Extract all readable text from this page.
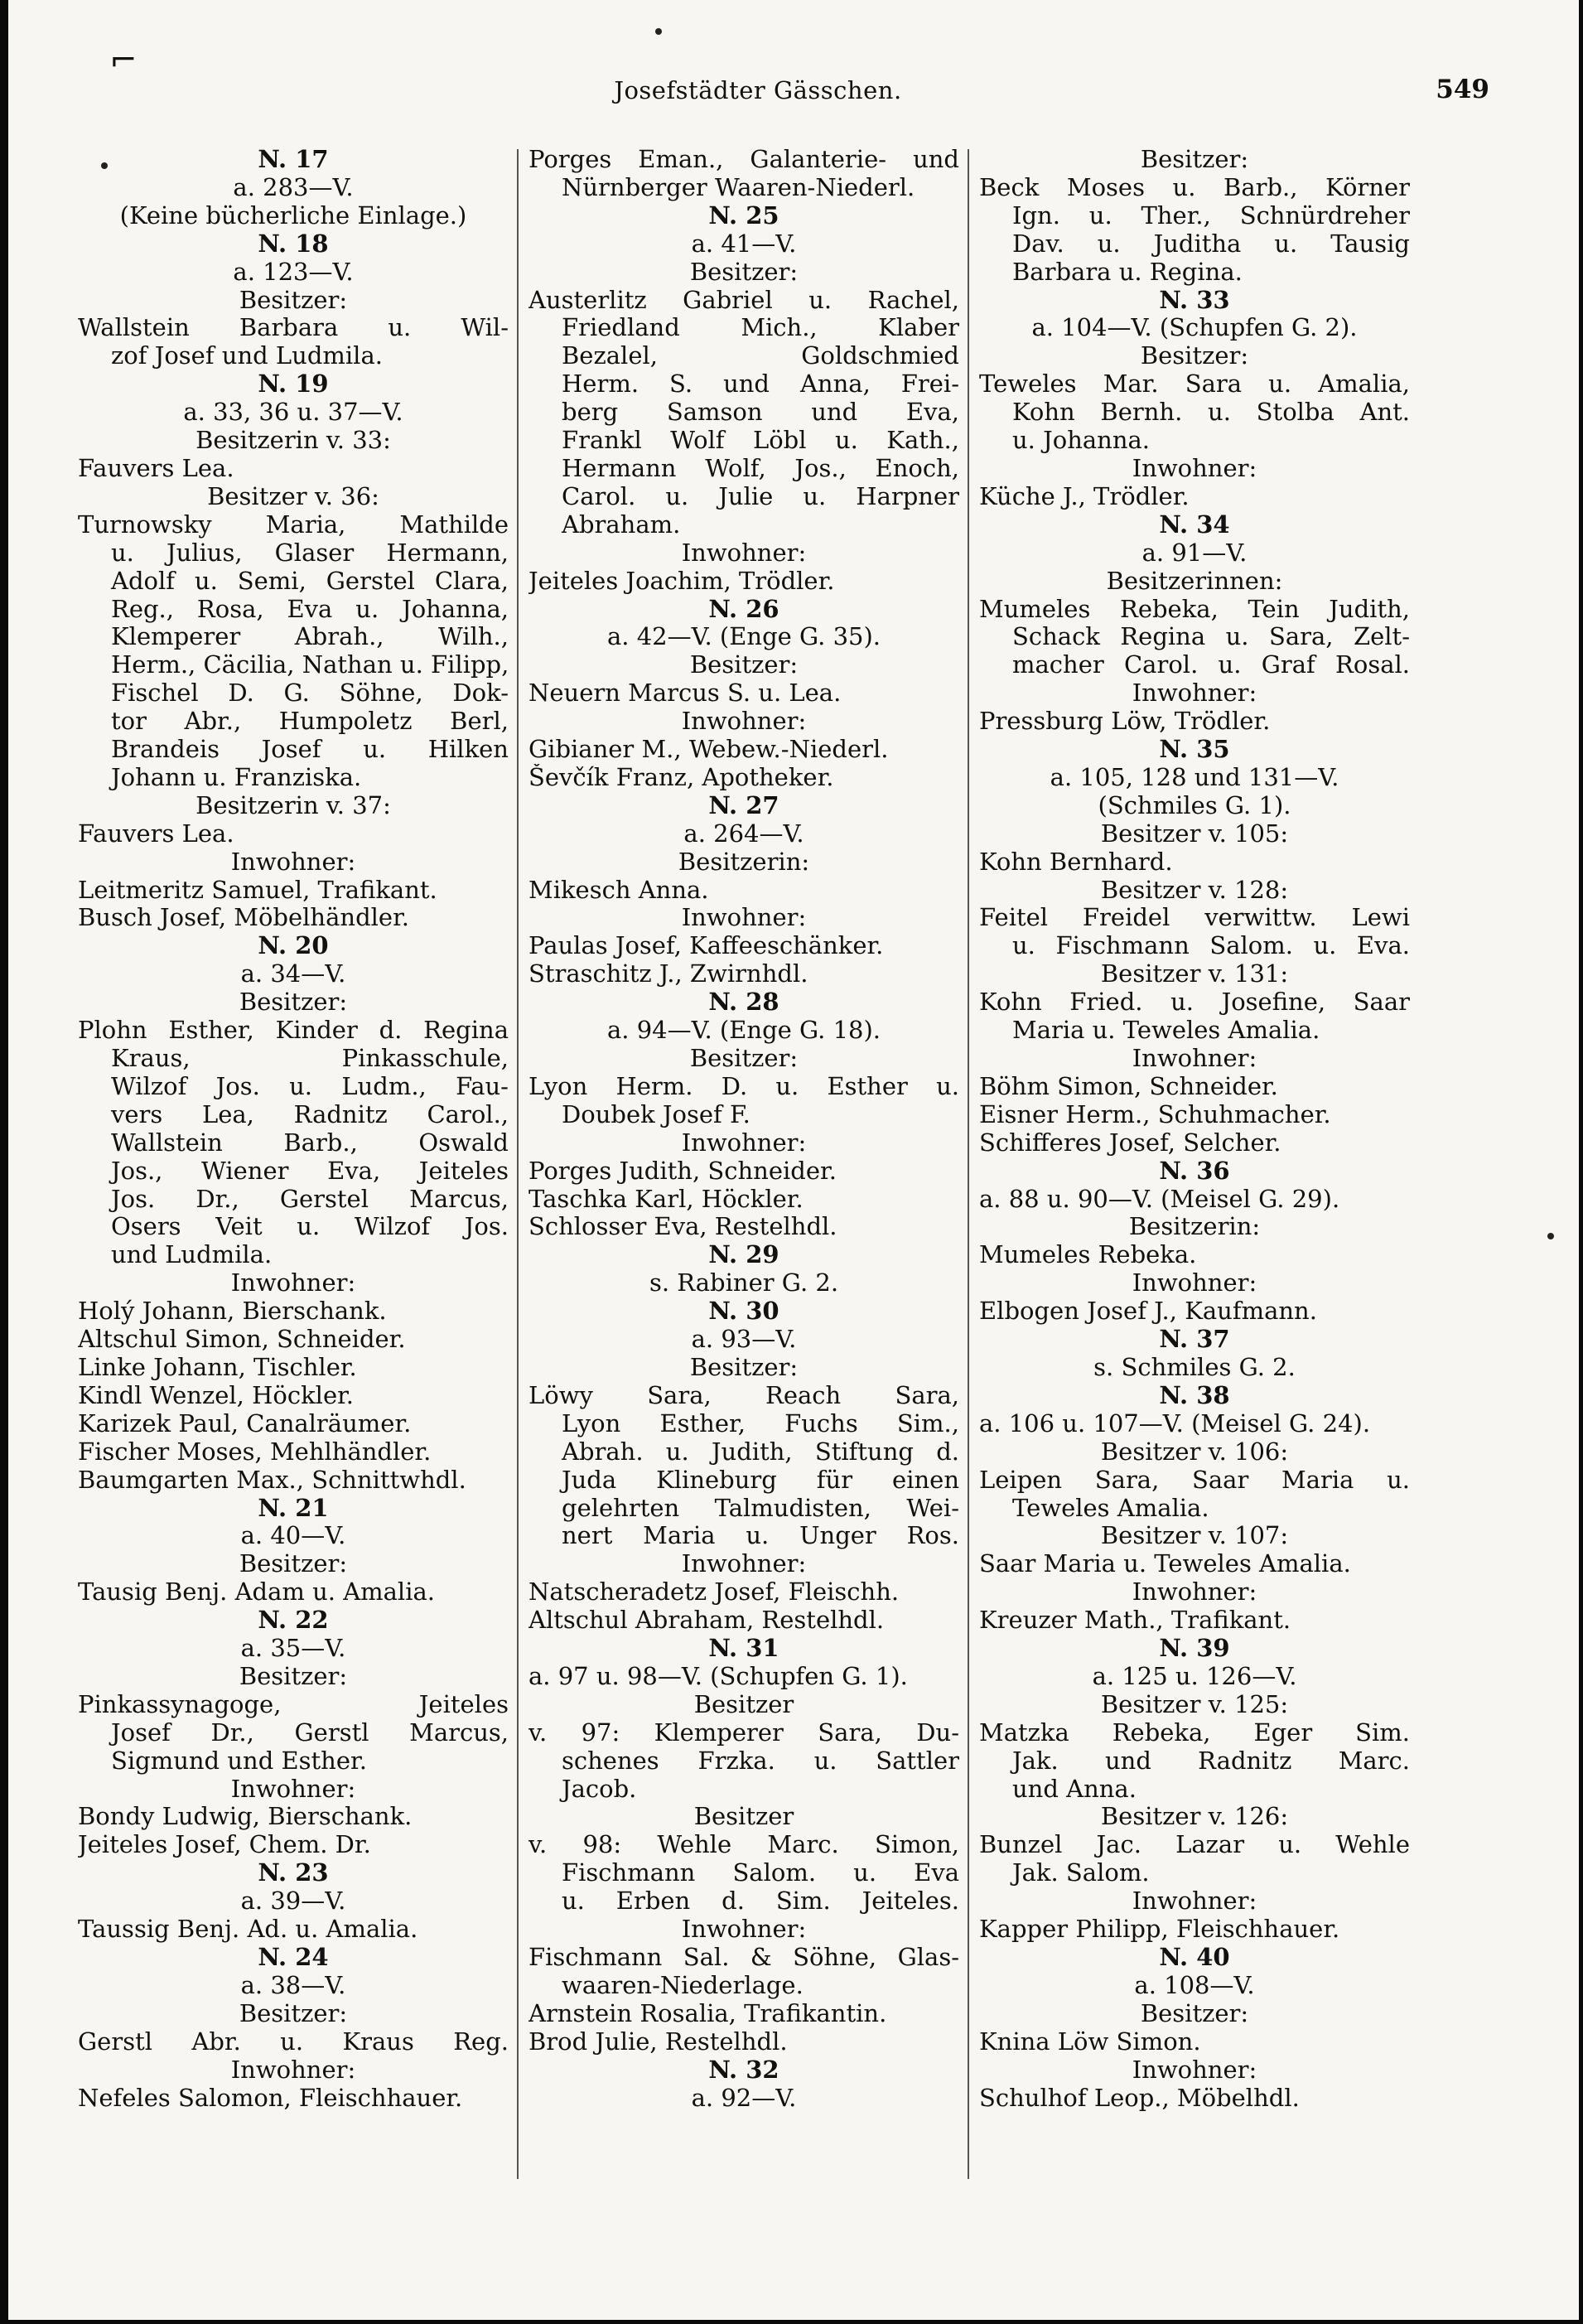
⌐
Josefstädter Gässchen.	549
N. 17
a. 283—V.
(Keine bücherliche Einlage.)
N. 18
a. 123—V.
Besitzer:
Wallstein Barbara u. Wil-
zof Josef und Ludmila.
N. 19
a. 33, 36 u. 37—V.
Besitzerin v. 33:
Fauvers Lea.
Besitzer v. 36:
Turnowsky Maria, Mathilde
u. Julius, Glaser Hermann,
Adolf u. Semi, Gerstel Clara,
Reg., Rosa, Eva u. Johanna,
Klemperer Abrah., Wilh.,
Herm., Cäcilia, Nathan u. Filipp,
Fischel D. G. Söhne, Dok-
tor Abr., Humpoletz Berl,
Brandeis Josef u. Hilken
Johann u. Franziska.
Besitzerin v. 37:
Fauvers Lea.
Inwohner:
Leitmeritz Samuel, Trafikant.
Busch Josef, Möbelhändler.
N. 20
a. 34—V.
Besitzer:
Plohn Esther, Kinder d. Regina
Kraus, Pinkasschule,
Wilzof Jos. u. Ludm., Fau-
vers Lea, Radnitz Carol.,
Wallstein Barb., Oswald
Jos., Wiener Eva, Jeiteles
Jos. Dr., Gerstel Marcus,
Osers Veit u. Wilzof Jos.
und Ludmila.
Inwohner:
Holý Johann, Bierschank.
Altschul Simon, Schneider.
Linke Johann, Tischler.
Kindl Wenzel, Höckler.
Karizek Paul, Canalräumer.
Fischer Moses, Mehlhändler.
Baumgarten Max., Schnittwhdl.
N. 21
a. 40—V.
Besitzer:
Tausig Benj. Adam u. Amalia.
N. 22
a. 35—V.
Besitzer:
Pinkassynagoge, Jeiteles
Josef Dr., Gerstl Marcus,
Sigmund und Esther.
Inwohner:
Bondy Ludwig, Bierschank.
Jeiteles Josef, Chem. Dr.
N. 23
a. 39—V.
Taussig Benj. Ad. u. Amalia.
N. 24
a. 38—V.
Besitzer:
Gerstl Abr. u. Kraus Reg.
Inwohner:
Nefeles Salomon, Fleischhauer.
Porges Eman., Galanterie- und
Nürnberger Waaren-Niederl.
N. 25
a. 41—V.
Besitzer:
Austerlitz Gabriel u. Rachel,
Friedland Mich., Klaber
Bezalel, Goldschmied
Herm. S. und Anna, Frei-
berg Samson und Eva,
Frankl Wolf Löbl u. Kath.,
Hermann Wolf, Jos., Enoch,
Carol. u. Julie u. Harpner
Abraham.
Inwohner:
Jeiteles Joachim, Trödler.
N. 26
a. 42—V. (Enge G. 35).
Besitzer:
Neuern Marcus S. u. Lea.
Inwohner:
Gibianer M., Webew.-Niederl.
Ševčík Franz, Apotheker.
N. 27
a. 264—V.
Besitzerin:
Mikesch Anna.
Inwohner:
Paulas Josef, Kaffeeschänker.
Straschitz J., Zwirnhdl.
N. 28
a. 94—V. (Enge G. 18).
Besitzer:
Lyon Herm. D. u. Esther u.
Doubek Josef F.
Inwohner:
Porges Judith, Schneider.
Taschka Karl, Höckler.
Schlosser Eva, Restelhdl.
N. 29
s. Rabiner G. 2.
N. 30
a. 93—V.
Besitzer:
Löwy Sara, Reach Sara,
Lyon Esther, Fuchs Sim.,
Abrah. u. Judith, Stiftung d.
Juda Klineburg für einen
gelehrten Talmudisten, Wei-
nert Maria u. Unger Ros.
Inwohner:
Natscheradetz Josef, Fleischh.
Altschul Abraham, Restelhdl.
N. 31
a. 97 u. 98—V. (Schupfen G. 1).
Besitzer
v. 97: Klemperer Sara, Du-
schenes Frzka. u. Sattler
Jacob.
Besitzer
v. 98: Wehle Marc. Simon,
Fischmann Salom. u. Eva
u. Erben d. Sim. Jeiteles.
Inwohner:
Fischmann Sal. & Söhne, Glas-
waaren-Niederlage.
Arnstein Rosalia, Trafikantin.
Brod Julie, Restelhdl.
N. 32
a. 92—V.
Besitzer:
Beck Moses u. Barb., Körner
Ign. u. Ther., Schnürdreher
Dav. u. Juditha u. Tausig
Barbara u. Regina.
N. 33
a. 104—V. (Schupfen G. 2).
Besitzer:
Teweles Mar. Sara u. Amalia,
Kohn Bernh. u. Stolba Ant.
u. Johanna.
Inwohner:
Küche J., Trödler.
N. 34
a. 91—V.
Besitzerinnen:
Mumeles Rebeka, Tein Judith,
Schack Regina u. Sara, Zelt-
macher Carol. u. Graf Rosal.
Inwohner:
Pressburg Löw, Trödler.
N. 35
a. 105, 128 und 131—V.
(Schmiles G. 1).
Besitzer v. 105:
Kohn Bernhard.
Besitzer v. 128:
Feitel Freidel verwittw. Lewi
u. Fischmann Salom. u. Eva.
Besitzer v. 131:
Kohn Fried. u. Josefine, Saar
Maria u. Teweles Amalia.
Inwohner:
Böhm Simon, Schneider.
Eisner Herm., Schuhmacher.
Schifferes Josef, Selcher.
N. 36
a. 88 u. 90—V. (Meisel G. 29).
Besitzerin:
Mumeles Rebeka.
Inwohner:
Elbogen Josef J., Kaufmann.
N. 37
s. Schmiles G. 2.
N. 38
a. 106 u. 107—V. (Meisel G. 24).
Besitzer v. 106:
Leipen Sara, Saar Maria u.
Teweles Amalia.
Besitzer v. 107:
Saar Maria u. Teweles Amalia.
Inwohner:
Kreuzer Math., Trafikant.
N. 39
a. 125 u. 126—V.
Besitzer v. 125:
Matzka Rebeka, Eger Sim.
Jak. und Radnitz Marc.
und Anna.
Besitzer v. 126:
Bunzel Jac. Lazar u. Wehle
Jak. Salom.
Inwohner:
Kapper Philipp, Fleischhauer.
N. 40
a. 108—V.
Besitzer:
Knina Löw Simon.
Inwohner:
Schulhof Leop., Möbelhdl.
